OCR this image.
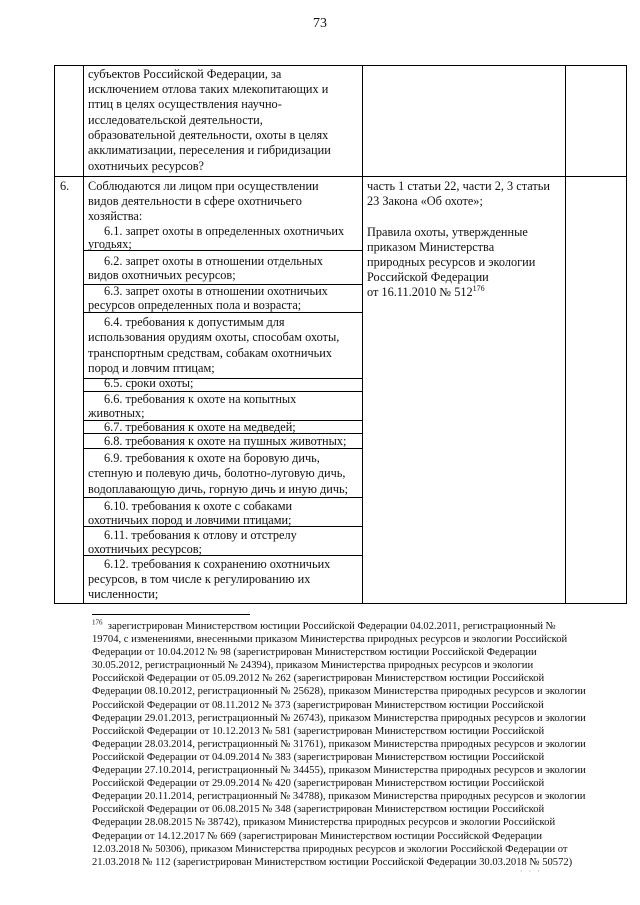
73
субъектов Российской Федерации, за
исключением отлова таких млекопитающих и
птиц в целях осуществления научно-
исследовательской деятельности,
образовательной деятельности, охоты в целях
акклиматизации, переселения и гибридизации
охотничьих ресурсов?
6. Соблюдаются ли лицом при осуществлении
видов деятельности в сфере охотничьего
хозяйства:
часть 1 статьи 22, части 2, 3 статьи
23 Закона «Об охоте»;
Правила охоты, утвержденные
приказом Министерства
природных ресурсов и экологии
Российской Федерации
от 16.11.2010 № $512^{176}$
6.1. запрет охоты в определенных охотничьих
угодьях;
6.2. запрет охоты в отношении отдельных
видов охотничьих ресурсов;
6.3. запрет охоты в отношении охотничьих
ресурсов определенных пола и возраста;
6.4. требования к допустимым для
использования орудиям охоты, способам охоты,
транспортным средствам, собакам охотничьих
пород и ловчим птицам;
6.5. сроки охоты;
6.6. требования к охоте на копытных
животных;
6.7. требования к охоте на медведей;
6.8. требования к охоте на пушных животных;
6.9. требования к охоте на боровую дичь,
степную и полевую дичь, болотно-луговую дичь,
водоплавающую дичь, горную дичь и иную дичь;
6.10. требования к охоте с собаками
охотничьих пород и ловчими птицами;
6.11. требования к отлову и отстрелу
охотничьих ресурсов;
6.12. требования к сохранению охотничьих
ресурсов, в том числе к регулированию их
численности;
$^{176}$ зарегистрирован Министерством юстиции Российской Федерации 04.02.2011, регистрационный №
19704, с изменениями, внесенными приказом Министерства природных ресурсов и экологии Российской
Федерации от 10.04.2012 № 98 (зарегистрирован Министерством юстиции Российской Федерации
30.05.2012, регистрационный № 24394), приказом Министерства природных ресурсов и экологии
Российской Федерации от 05.09.2012 № 262 (зарегистрирован Министерством юстиции Российской
Федерации 08.10.2012, регистрационный № 25628), приказом Министерства природных ресурсов и экологии
Российской Федерации от 08.11.2012 № 373 (зарегистрирован Министерством юстиции Российской
Федерации 29.01.2013, регистрационный № 26743), приказом Министерства природных ресурсов и экологии
Российской Федерации от 10.12.2013 № 581 (зарегистрирован Министерством юстиции Российской
Федерации 28.03.2014, регистрационный № 31761), приказом Министерства природных ресурсов и экологии
Российской Федерации от 04.09.2014 № 383 (зарегистрирован Министерством юстиции Российской
Федерации 27.10.2014, регистрационный № 34455), приказом Министерства природных ресурсов и экологии
Российской Федерации от 29.09.2014 № 420 (зарегистрирован Министерством юстиции Российской
Федерации 20.11.2014, регистрационный № 34788), приказом Министерства природных ресурсов и экологии
Российской Федерации от 06.08.2015 № 348 (зарегистрирован Министерством юстиции Российской
Федерации 28.08.2015 № 38742), приказом Министерства природных ресурсов и экологии Российской
Федерации от 14.12.2017 № 669 (зарегистрирован Министерством юстиции Российской Федерации
12.03.2018 № 50306), приказом Министерства природных ресурсов и экологии Российской Федерации от
21.03.2018 № 112 (зарегистрирован Министерством юстиции Российской Федерации 30.03.2018 № 50572)
· · ·
